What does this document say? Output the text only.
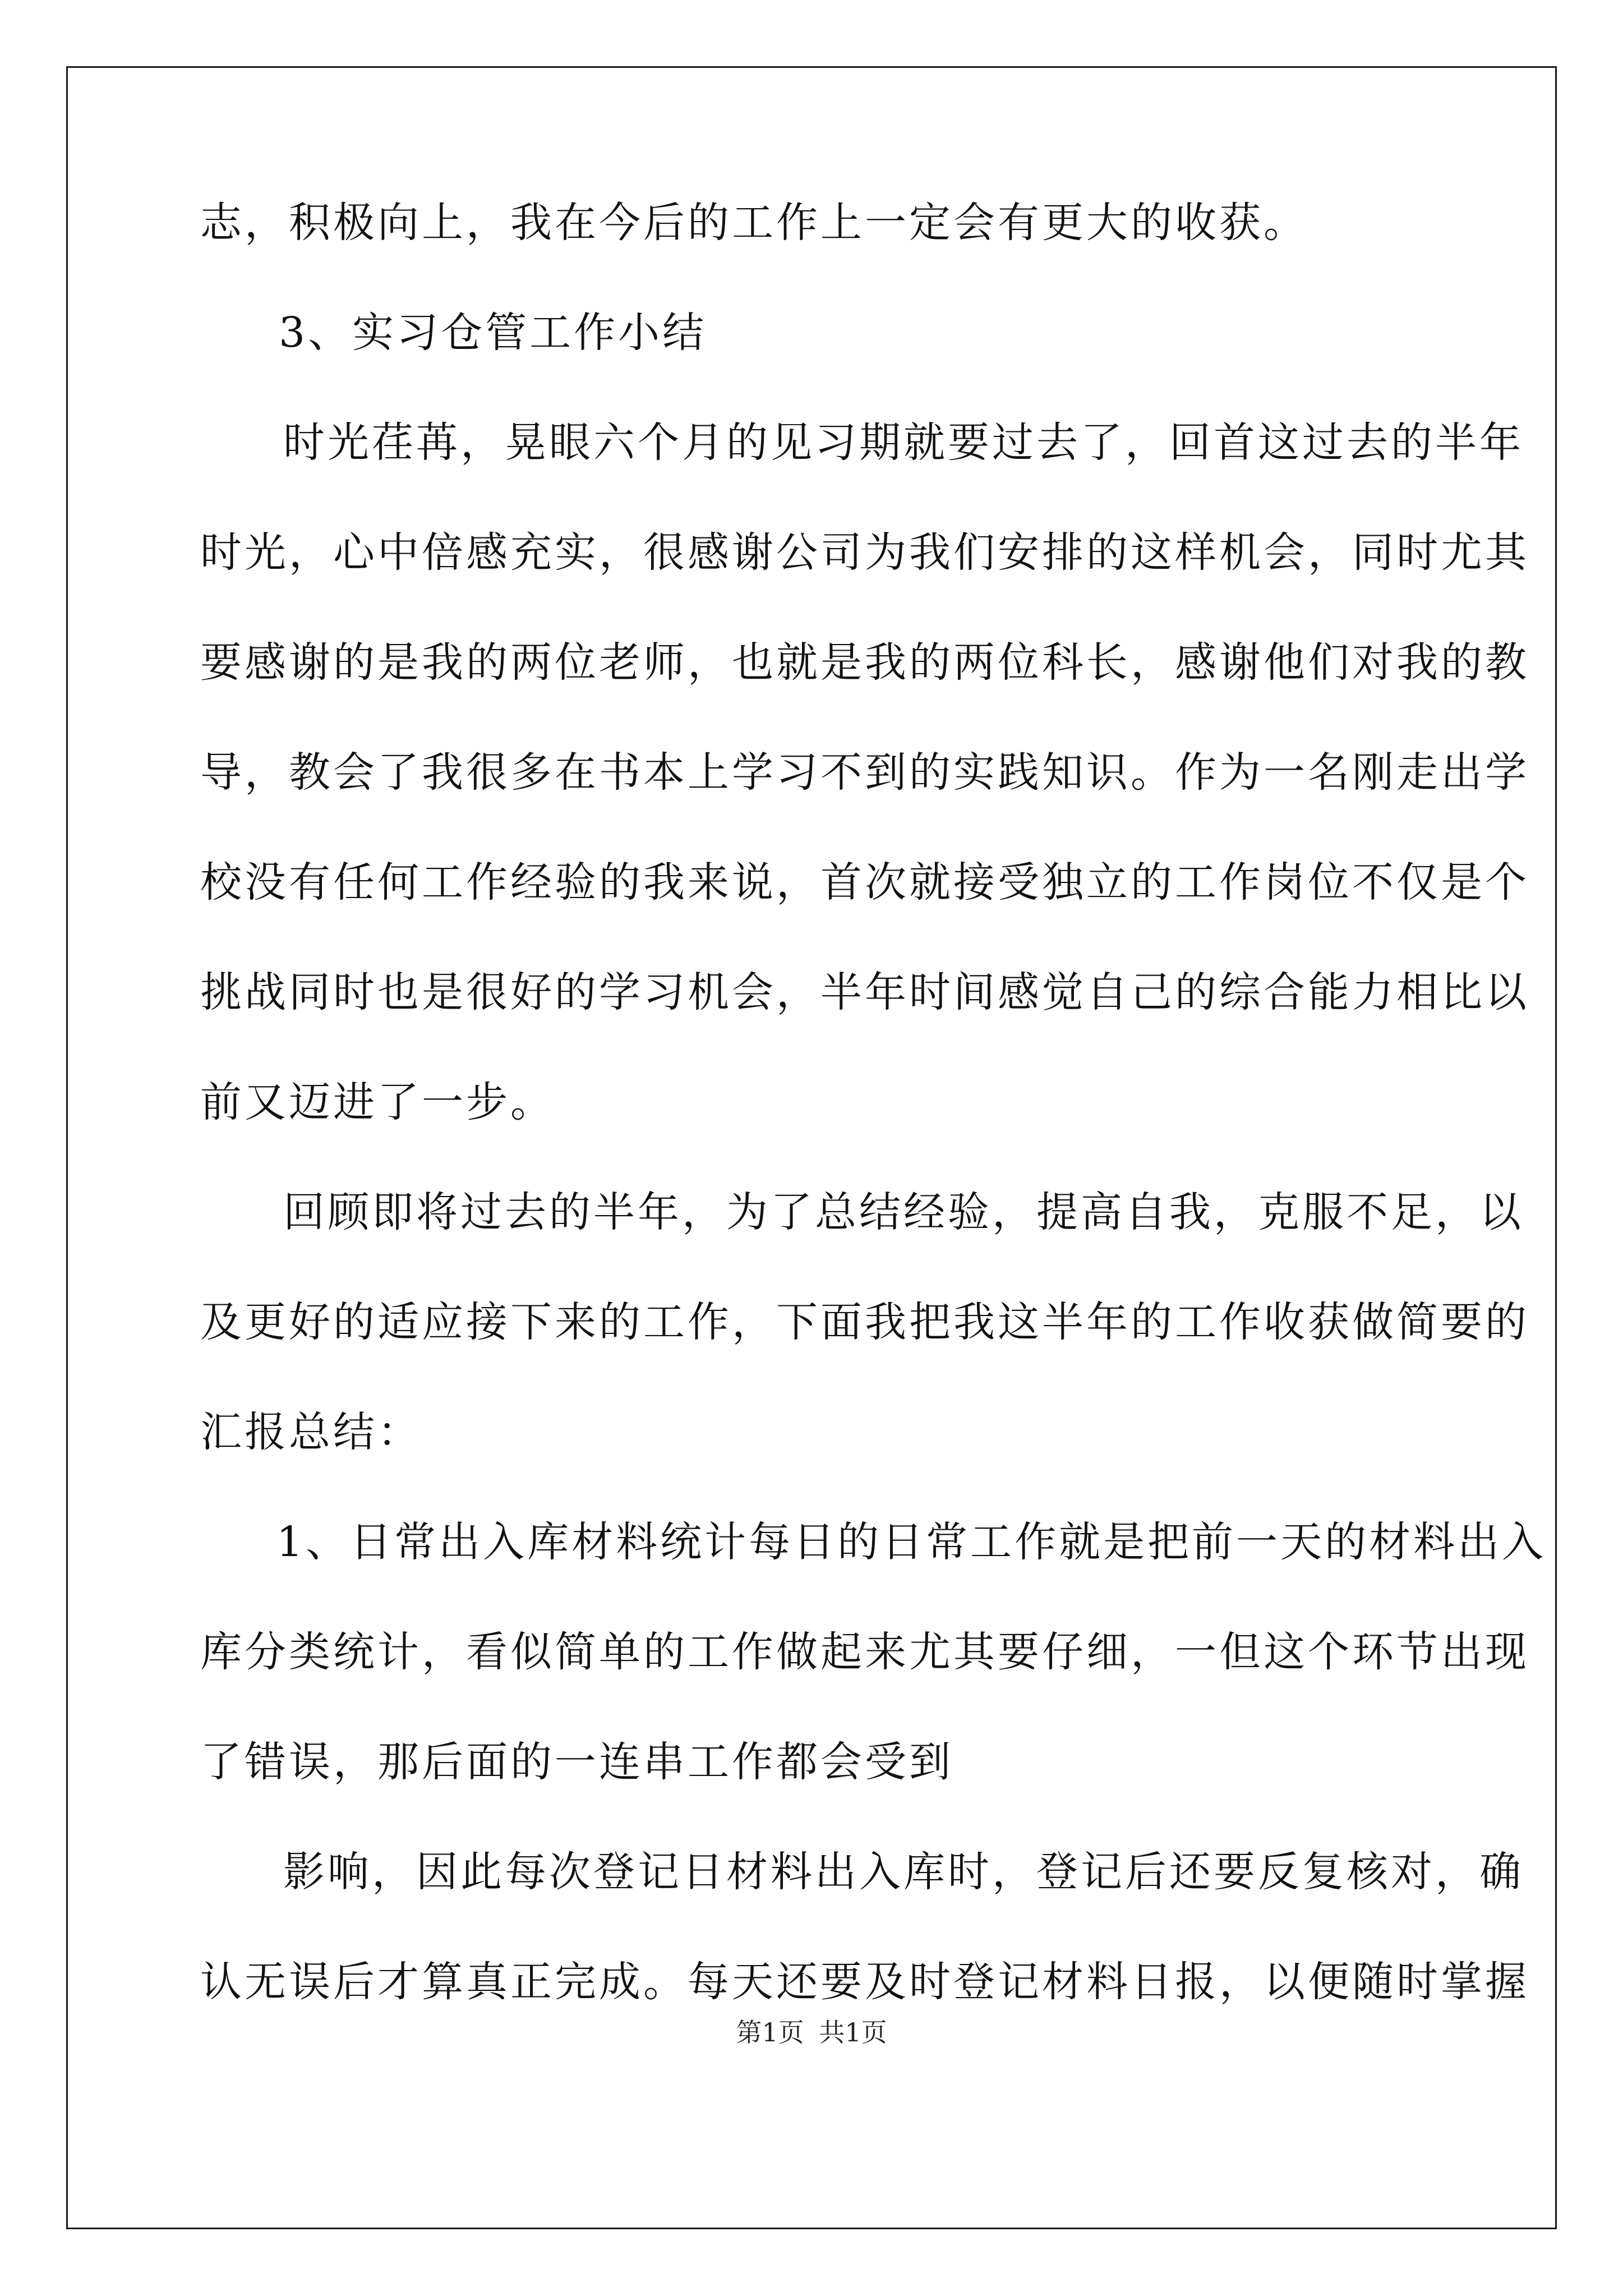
志，积极向上，我在今后的工作上一定会有更大的收获。
3、实习仓管工作小结
时光荏苒，晃眼六个月的见习期就要过去了，回首这过去的半年
时光，心中倍感充实，很感谢公司为我们安排的这样机会，同时尤其
要感谢的是我的两位老师，也就是我的两位科长，感谢他们对我的教
导，教会了我很多在书本上学习不到的实践知识。作为一名刚走出学
校没有任何工作经验的我来说，首次就接受独立的工作岗位不仅是个
挑战同时也是很好的学习机会，半年时间感觉自己的综合能力相比以
前又迈进了一步。
回顾即将过去的半年，为了总结经验，提高自我，克服不足，以
及更好的适应接下来的工作，下面我把我这半年的工作收获做简要的
汇报总结：
1、日常出入库材料统计每日的日常工作就是把前一天的材料出入
库分类统计，看似简单的工作做起来尤其要仔细，一但这个环节出现
了错误，那后面的一连串工作都会受到
影响，因此每次登记日材料出入库时，登记后还要反复核对，确
认无误后才算真正完成。每天还要及时登记材料日报，以便随时掌握
第1页 共1页
